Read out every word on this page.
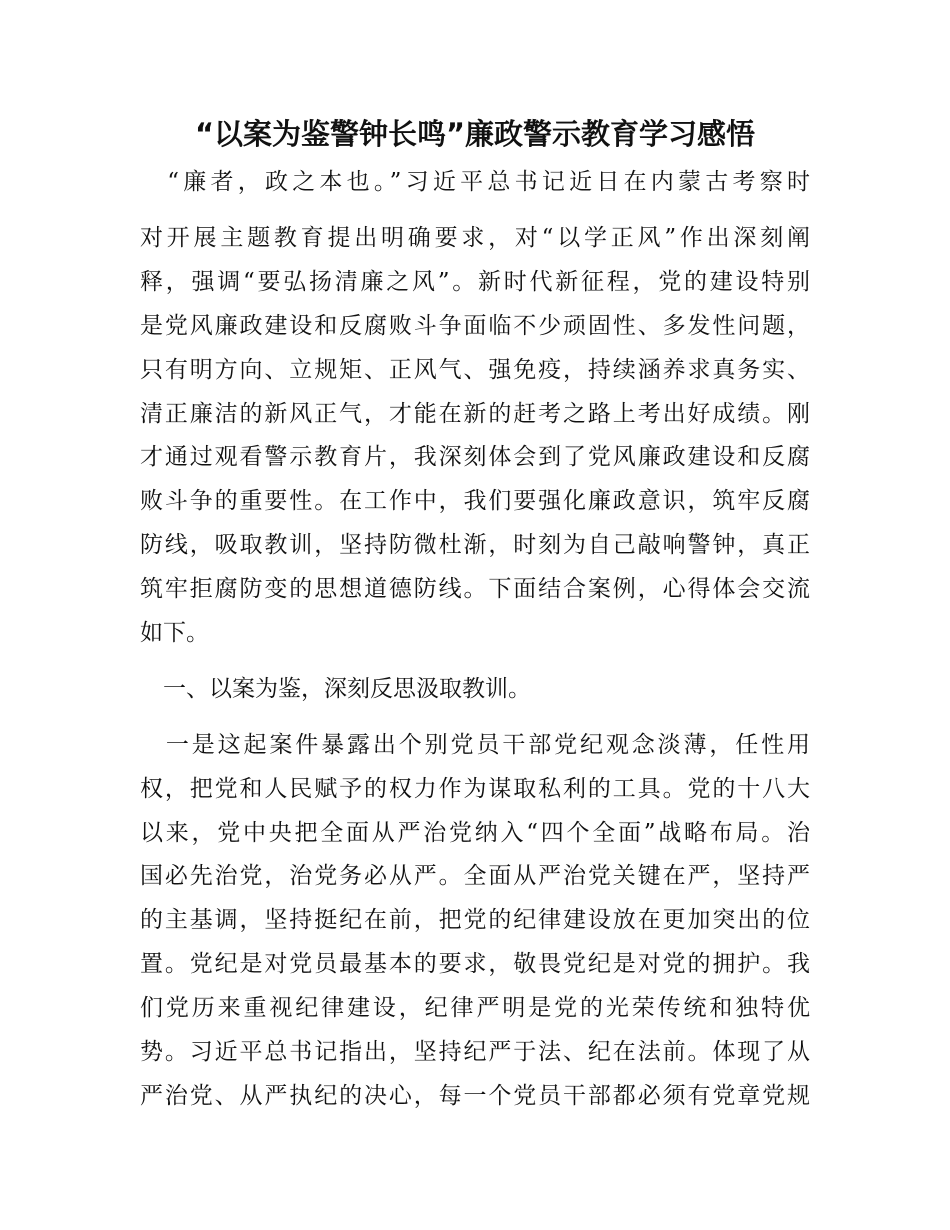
“以案为鉴警钟长鸣”廉政警示教育学习感悟
　“廉者，政之本也。”习近平总书记近日在内蒙古考察时
对开展主题教育提出明确要求，对“以学正风”作出深刻阐
释，强调“要弘扬清廉之风”。新时代新征程，党的建设特别
是党风廉政建设和反腐败斗争面临不少顽固性、多发性问题，
只有明方向、立规矩、正风气、强免疫，持续涵养求真务实、
清正廉洁的新风正气，才能在新的赶考之路上考出好成绩。刚
才通过观看警示教育片，我深刻体会到了党风廉政建设和反腐
败斗争的重要性。在工作中，我们要强化廉政意识，筑牢反腐
防线，吸取教训，坚持防微杜渐，时刻为自己敲响警钟，真正
筑牢拒腐防变的思想道德防线。下面结合案例，心得体会交流
如下。
　一、以案为鉴，深刻反思汲取教训。
　一是这起案件暴露出个别党员干部党纪观念淡薄，任性用
权，把党和人民赋予的权力作为谋取私利的工具。党的十八大
以来，党中央把全面从严治党纳入“四个全面”战略布局。治
国必先治党，治党务必从严。全面从严治党关键在严，坚持严
的主基调，坚持挺纪在前，把党的纪律建设放在更加突出的位
置。党纪是对党员最基本的要求，敬畏党纪是对党的拥护。我
们党历来重视纪律建设，纪律严明是党的光荣传统和独特优
势。习近平总书记指出，坚持纪严于法、纪在法前。体现了从
严治党、从严执纪的决心，每一个党员干部都必须有党章党规
